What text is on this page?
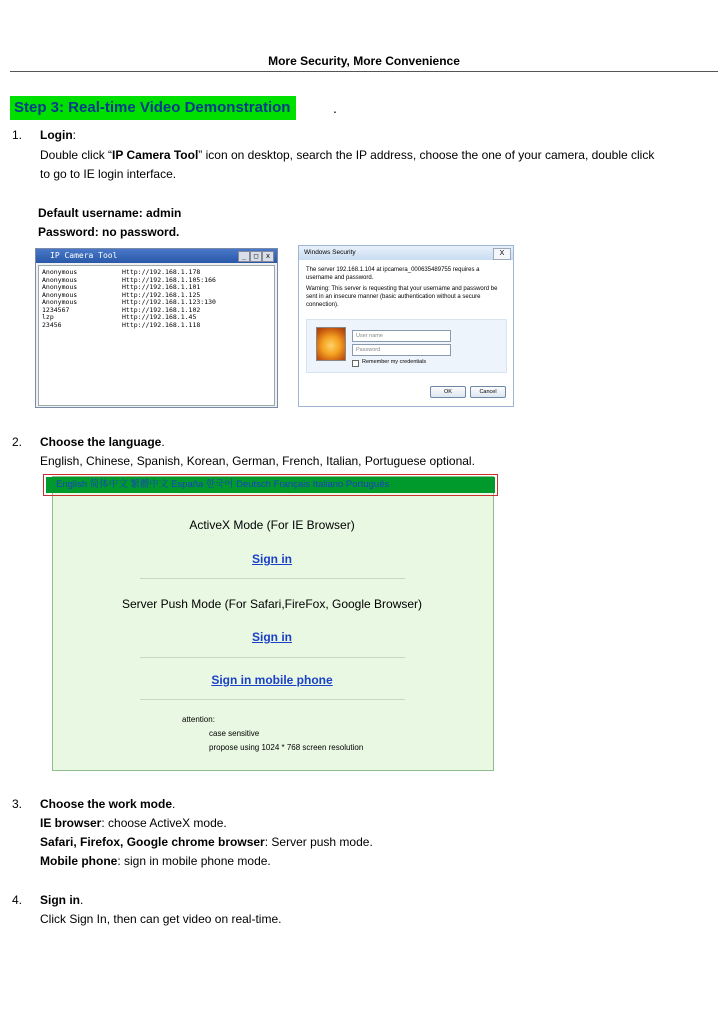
More Security, More Convenience
Step 3: Real-time Video Demonstration	.
1. Login:
Double click “IP Camera Tool” icon on desktop, search the IP address, choose the one of your camera, double click
to go to IE login interface.
Default username: admin
Password: no password.
IP Camera Tool	_	□	x
Anonymous	Http://192.168.1.178
Anonymous	Http://192.168.1.105:166
Anonymous	Http://192.168.1.101
Anonymous	Http://192.168.1.125
Anonymous	Http://192.168.1.123:130
1234567	Http://192.168.1.102
lzp	Http://192.168.1.45
23456	Http://192.168.1.118
Windows Security	X
The server 192.168.1.104 at ipcamera_000635489755 requires a username and password.
Warning: This server is requesting that your username and password be sent in an insecure manner (basic authentication without a secure connection).
User name
Password
Remember my credentials
OK	Cancel
2. Choose the language.
English, Chinese, Spanish, Korean, German, French, Italian, Portuguese optional.
English 简体中文 繁體中文 España 한국어 Deutsch Français Italiano Português
ActiveX Mode (For IE Browser)
Sign in
Server Push Mode (For Safari,FireFox, Google Browser)
Sign in
Sign in mobile phone
attention:
case sensitive
propose using 1024 * 768 screen resolution
3. Choose the work mode.
IE browser: choose ActiveX mode.
Safari, Firefox, Google chrome browser: Server push mode.
Mobile phone: sign in mobile phone mode.
4. Sign in.
Click Sign In, then can get video on real-time.
